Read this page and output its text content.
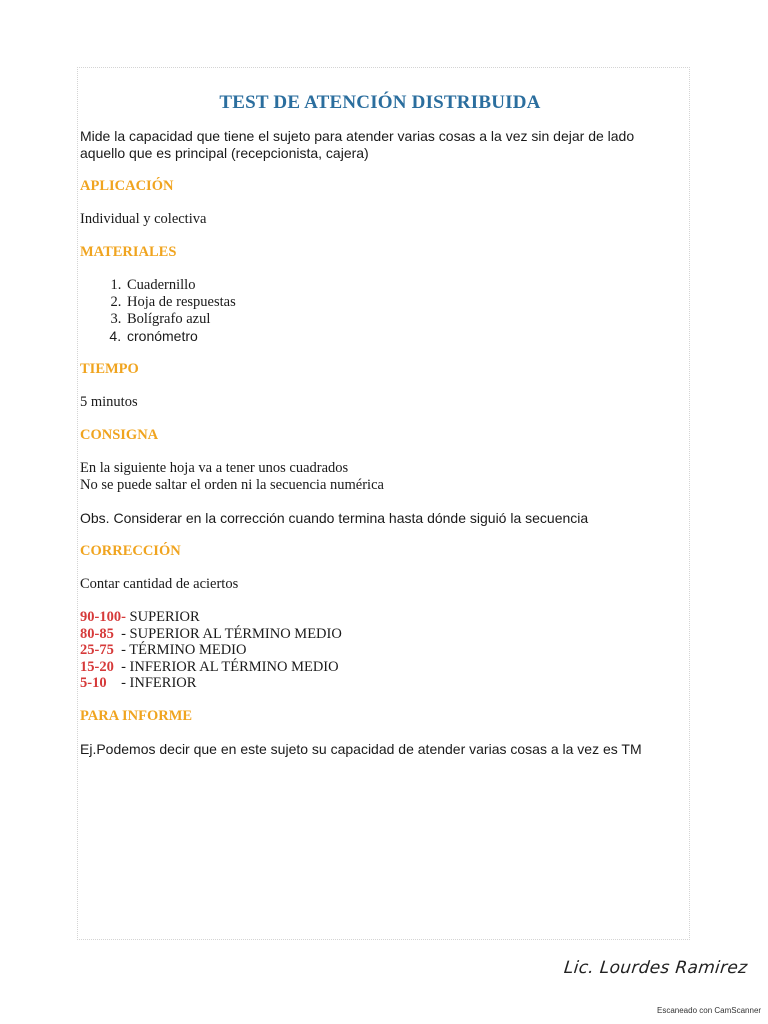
TEST DE ATENCIÓN DISTRIBUIDA

Mide la capacidad que tiene el sujeto para atender varias cosas a la vez sin dejar de lado aquello que es principal (recepcionista, cajera)

APLICACIÓN

Individual y colectiva

MATERIALES
1. Cuadernillo
2. Hoja de respuestas
3. Bolígrafo azul
4. cronómetro
TIEMPO

5 minutos

CONSIGNA

En la siguiente hoja va a tener unos cuadrados

No se puede saltar el orden ni la secuencia numérica

Obs. Considerar en la corrección cuando termina hasta dónde siguió la secuencia

CORRECCIÓN

Contar cantidad de aciertos

90-100- SUPERIOR
80-85  - SUPERIOR AL TÉRMINO MEDIO
25-75  - TÉRMINO MEDIO
15-20  - INFERIOR AL TÉRMINO MEDIO
5-10    - INFERIOR
PARA INFORME

Ej.Podemos decir que en este sujeto su capacidad de atender varias cosas a la vez es TM

Lic. Lourdes Ramirez
Escaneado con CamScanner
